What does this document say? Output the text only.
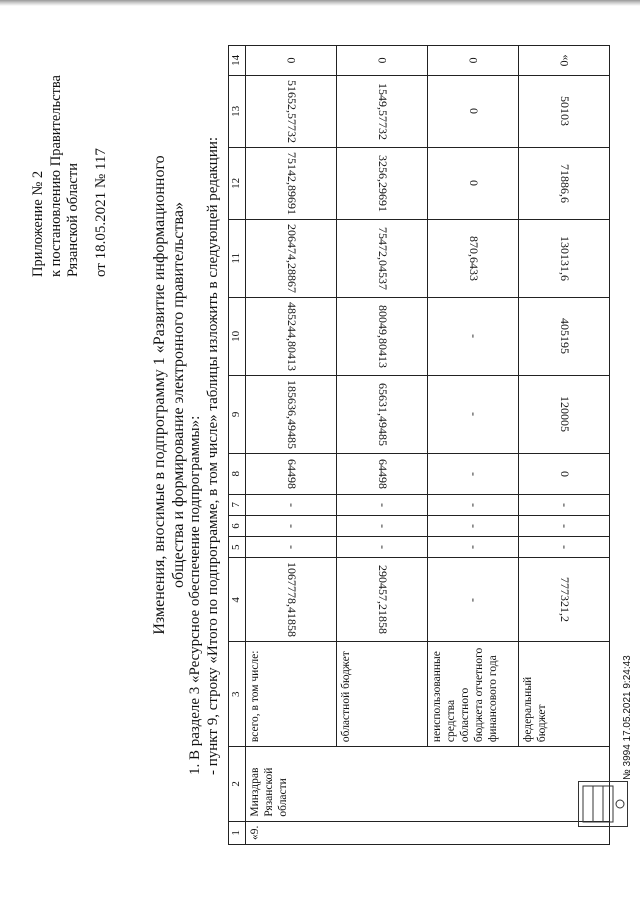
Приложение № 2 к постановлению Правительства Рязанской области от 18.05.2021 № 117	Изменения, вносимые в подпрограмму 1 «Развитие информационного общества и формирование электронного правительства»
1. В разделе 3 «Ресурсное обеспечение подпрограммы»: - пункт 9, строку «Итого по подпрограмме, в том числе» таблицы изложить в следующей редакции:
1	2	3	4	5	6	7	8	9	10	11	12	13	14
«9.	Минздрав Рязанской области	всего, в том числе:	1067778,41858	-	-	-	64498	185636,49485	485244,80413	206474,28867	75142,89691	51652,57732	0
		областной бюджет	290457,21858	-	-	-	64498	65631,49485	80049,80413	75472,04537	3256,29691	1549,57732	0
		неиспользованные средства областного бюджета отчетного финансового года	-	-	-	-	-	-	-	870,6433	0	0	0
		федеральный бюджет	777321,2	-	-	-	0	120005	405195	130131,6	71886,6	50103	0»
№ 3994 17.05.2021 9:24:43
